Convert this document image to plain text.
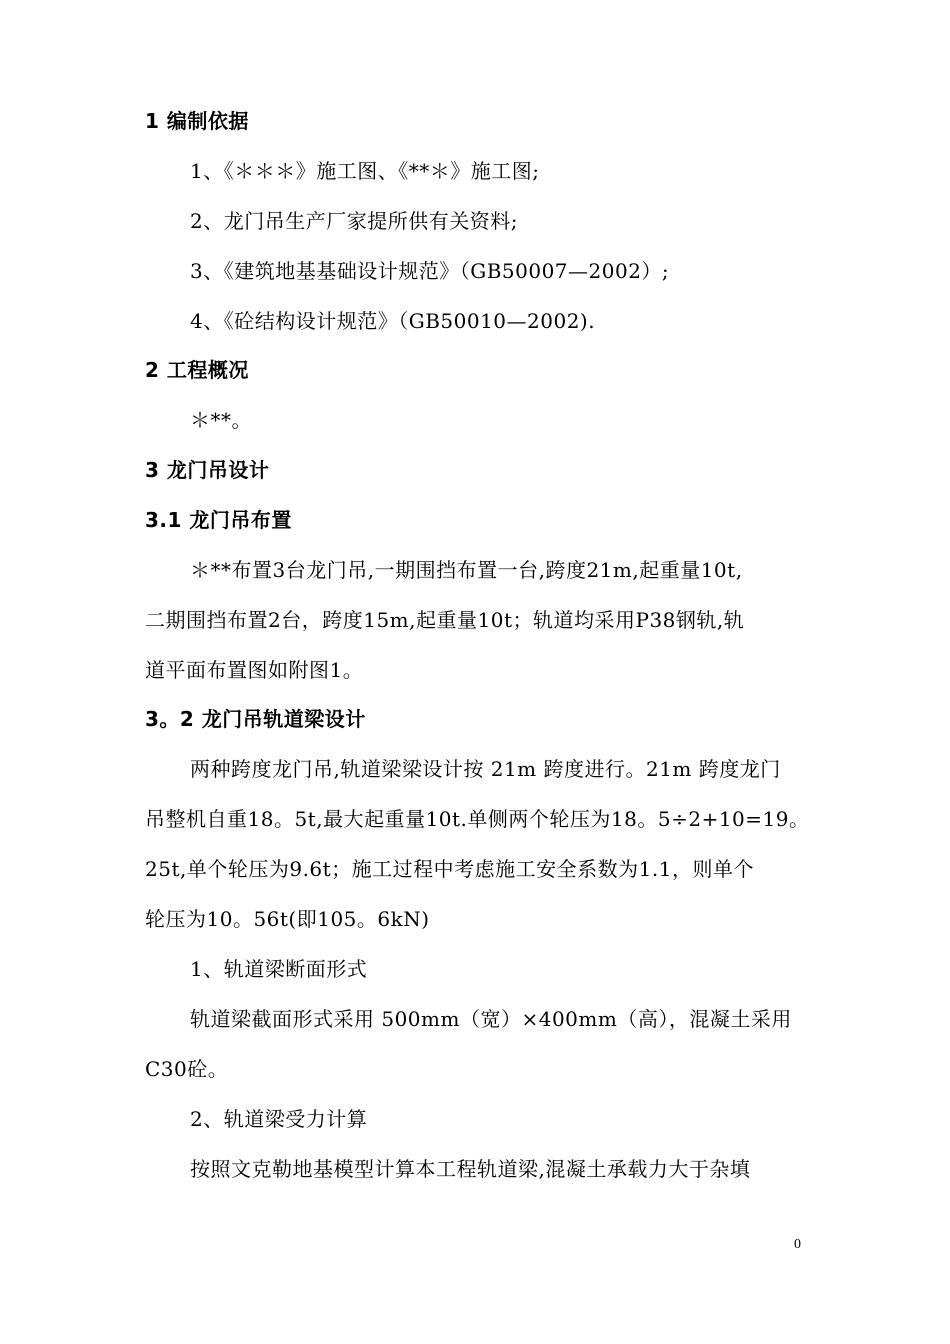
1 编制依据
1、《＊＊＊》施工图、《**＊》施工图;
2、龙门吊生产厂家提所供有关资料;
3、《建筑地基基础设计规范》（GB50007—2002）;
4、《砼结构设计规范》（GB50010—2002).
2 工程概况
＊**。
3 龙门吊设计
3.1 龙门吊布置
＊**布置3台龙门吊,一期围挡布置一台,跨度21m,起重量10t,
二期围挡布置2台，跨度15m,起重量10t；轨道均采用P38钢轨,轨
道平面布置图如附图1。
3。2 龙门吊轨道梁设计
两种跨度龙门吊,轨道梁梁设计按 21m 跨度进行。21m 跨度龙门
吊整机自重18。5t,最大起重量10t.单侧两个轮压为18。5÷2+10=19。
25t,单个轮压为9.6t；施工过程中考虑施工安全系数为1.1，则单个
轮压为10。56t(即105。6kN)
1、轨道梁断面形式
轨道梁截面形式采用 500mm（宽）×400mm（高），混凝土采用
C30砼。
2、轨道梁受力计算
按照文克勒地基模型计算本工程轨道梁,混凝土承载力大于杂填
0
